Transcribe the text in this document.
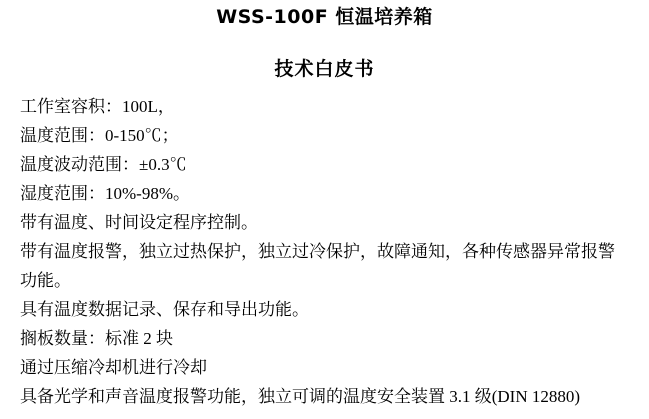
WSS-100F 恒温培养箱
技术白皮书
工作室容积：100L，
温度范围：0-150℃；
温度波动范围：±0.3℃
湿度范围：10%-98%。
带有温度、时间设定程序控制。
带有温度报警，独立过热保护，独立过冷保护，故障通知，各种传感器异常报警
功能。
具有温度数据记录、保存和导出功能。
搁板数量：标准 2 块
通过压缩冷却机进行冷却
具备光学和声音温度报警功能，独立可调的温度安全装置 3.1 级(DIN 12880)
